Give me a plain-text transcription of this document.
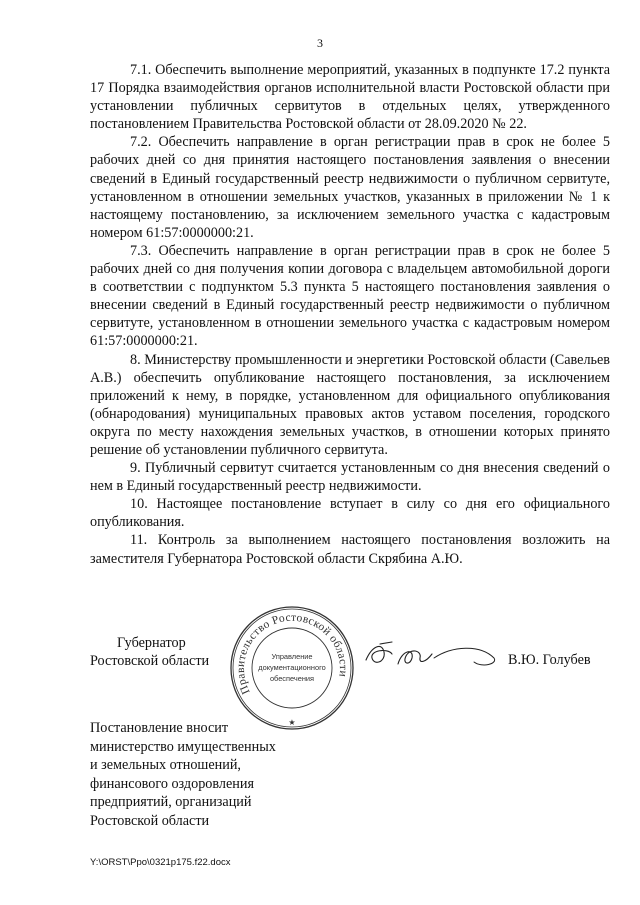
3

7.1. Обеспечить выполнение мероприятий, указанных в подпункте 17.2 пункта 17 Порядка взаимодействия органов исполнительной власти Ростовской области при установлении публичных сервитутов в отдельных целях, утвержденного постановлением Правительства Ростовской области от 28.09.2020 № 22.

7.2. Обеспечить направление в орган регистрации прав в срок не более 5 рабочих дней со дня принятия настоящего постановления заявления о внесении сведений в Единый государственный реестр недвижимости о публичном сервитуте, установленном в отношении земельных участков, указанных в приложении № 1 к настоящему постановлению, за исключением земельного участка с кадастровым номером 61:57:0000000:21.

7.3. Обеспечить направление в орган регистрации прав в срок не более 5 рабочих дней со дня получения копии договора с владельцем автомобильной дороги в соответствии с подпунктом 5.3 пункта 5 настоящего постановления заявления о внесении сведений в Единый государственный реестр недвижимости о публичном сервитуте, установленном в отношении земельного участка с кадастровым номером 61:57:0000000:21.

8. Министерству промышленности и энергетики Ростовской области (Савельев А.В.) обеспечить опубликование настоящего постановления, за исключением приложений к нему, в порядке, установленном для официального опубликования (обнародования) муниципальных правовых актов уставом поселения, городского округа по месту нахождения земельных участков, в отношении которых принято решение об установлении публичного сервитута.

9. Публичный сервитут считается установленным со дня внесения сведений о нем в Единый государственный реестр недвижимости.

10. Настоящее постановление вступает в силу со дня его официального опубликования.

11. Контроль за выполнением настоящего постановления возложить на заместителя Губернатора Ростовской области Скрябина А.Ю.

Губернатор
Ростовской области
Правительство Ростовской области
Управление
документационного
обеспечения
★
В.Ю. Голубев
Постановление вносит
министерство имущественных
и земельных отношений,
финансового оздоровления
предприятий, организаций
Ростовской области
Y:\ORST\Ppo\0321p175.f22.docx
